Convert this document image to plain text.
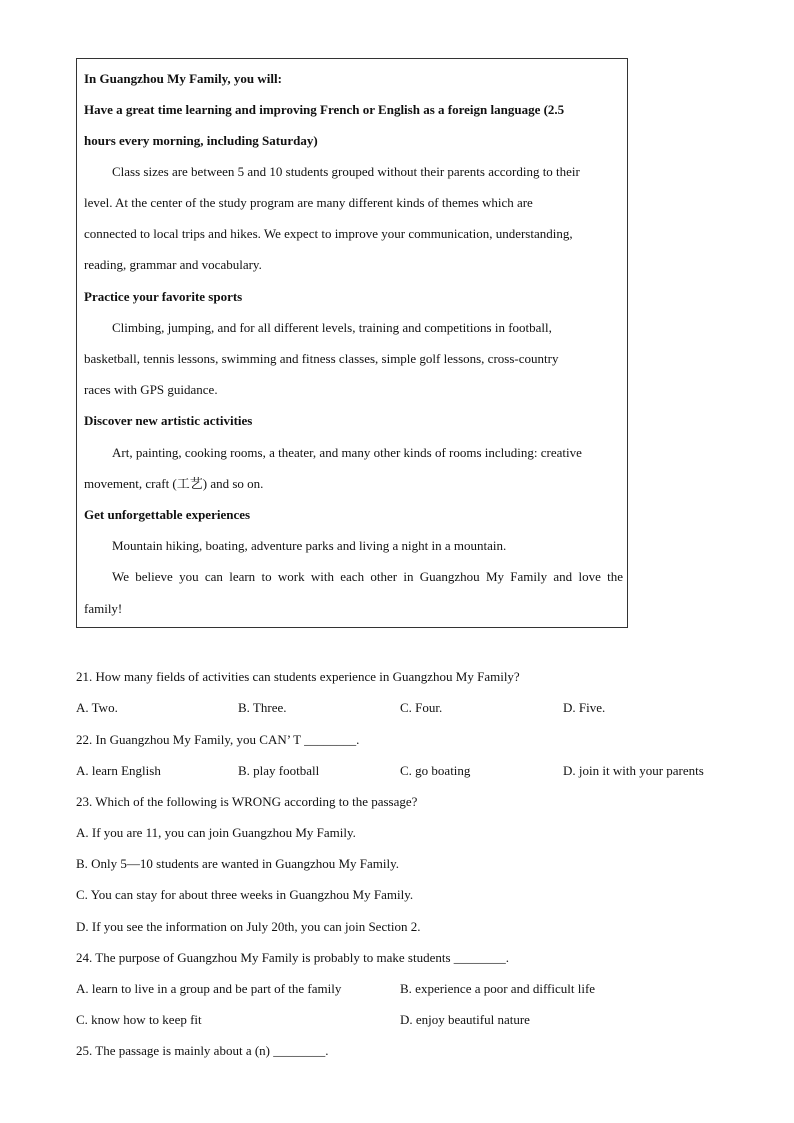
In Guangzhou My Family, you will:
Have a great time learning and improving French or English as a foreign language (2.5
hours every morning, including Saturday)
Class sizes are between 5 and 10 students grouped without their parents according to their
level. At the center of the study program are many different kinds of themes which are
connected to local trips and hikes. We expect to improve your communication, understanding,
reading, grammar and vocabulary.
Practice your favorite sports
Climbing, jumping, and for all different levels, training and competitions in football,
basketball, tennis lessons, swimming and fitness classes, simple golf lessons, cross-country
races with GPS guidance.
Discover new artistic activities
Art, painting, cooking rooms, a theater, and many other kinds of rooms including: creative
movement, craft (工艺) and so on.
Get unforgettable experiences
Mountain hiking, boating, adventure parks and living a night in a mountain.
We believe you can learn to work with each other in Guangzhou My Family and love the
family!
21. How many fields of activities can students experience in Guangzhou My Family?
A. Two.	B. Three.	C. Four.	D. Five.
22. In Guangzhou My Family, you CAN’ T ________.
A. learn English	B. play football	C. go boating	D. join it with your parents
23. Which of the following is WRONG according to the passage?
A. If you are 11, you can join Guangzhou My Family.
B. Only 5—10 students are wanted in Guangzhou My Family.
C. You can stay for about three weeks in Guangzhou My Family.
D. If you see the information on July 20th, you can join Section 2.
24. The purpose of Guangzhou My Family is probably to make students ________.
A. learn to live in a group and be part of the family	B. experience a poor and difficult life
C. know how to keep fit	D. enjoy beautiful nature
25. The passage is mainly about a (n) ________.
